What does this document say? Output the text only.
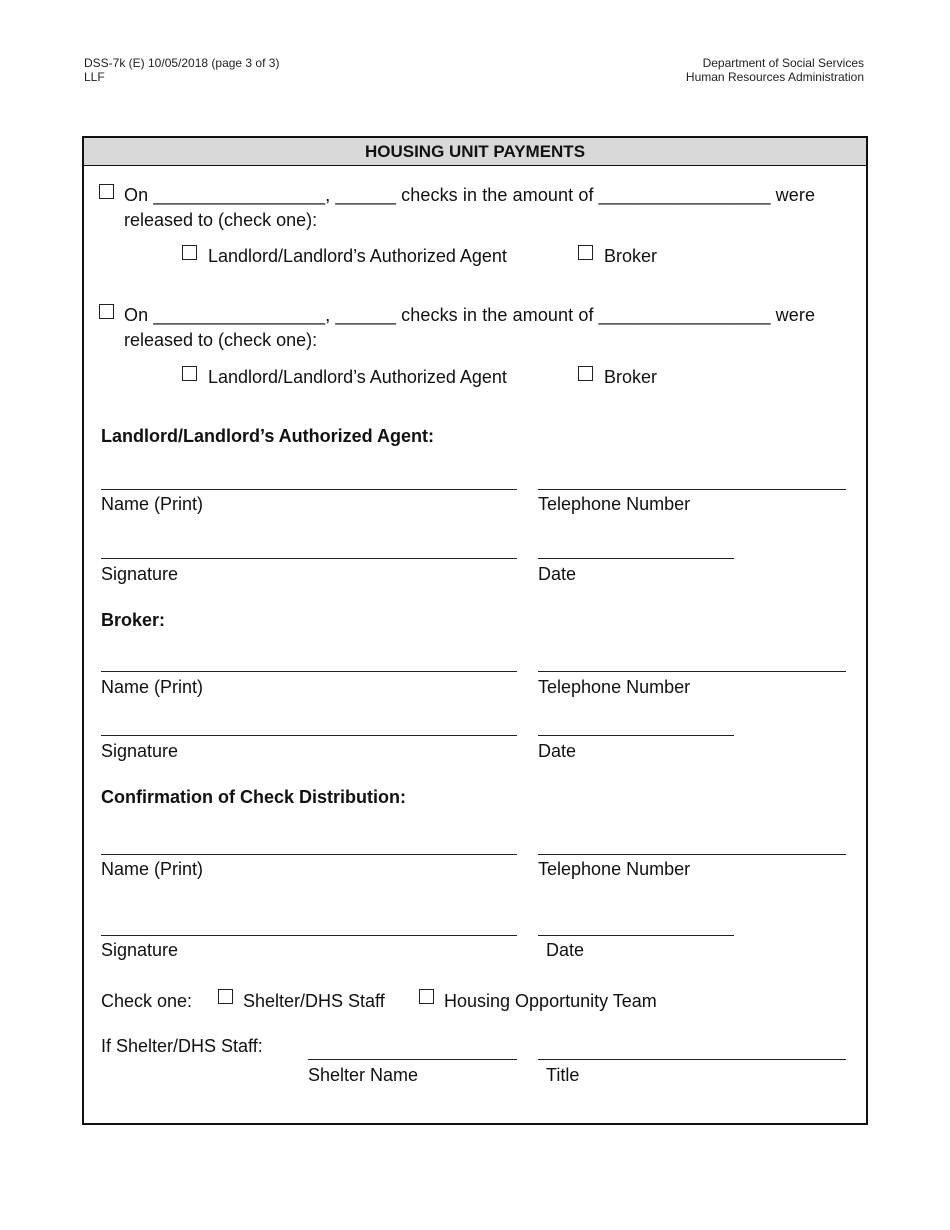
DSS-7k (E) 10/05/2018 (page 3 of 3)
LLF
Department of Social Services
Human Resources Administration
HOUSING UNIT PAYMENTS
On _________________, ______ checks in the amount of _________________ were
released to (check one):
Landlord/Landlord’s Authorized Agent	Broker
On _________________, ______ checks in the amount of _________________ were
released to (check one):
Landlord/Landlord’s Authorized Agent	Broker
Landlord/Landlord’s Authorized Agent:
Name (Print)	Telephone Number
Signature	Date
Broker:
Name (Print)	Telephone Number
Signature	Date
Confirmation of Check Distribution:
Name (Print)	Telephone Number
Signature	Date
Check one:	Shelter/DHS Staff	Housing Opportunity Team
If Shelter/DHS Staff:
Shelter Name	Title
